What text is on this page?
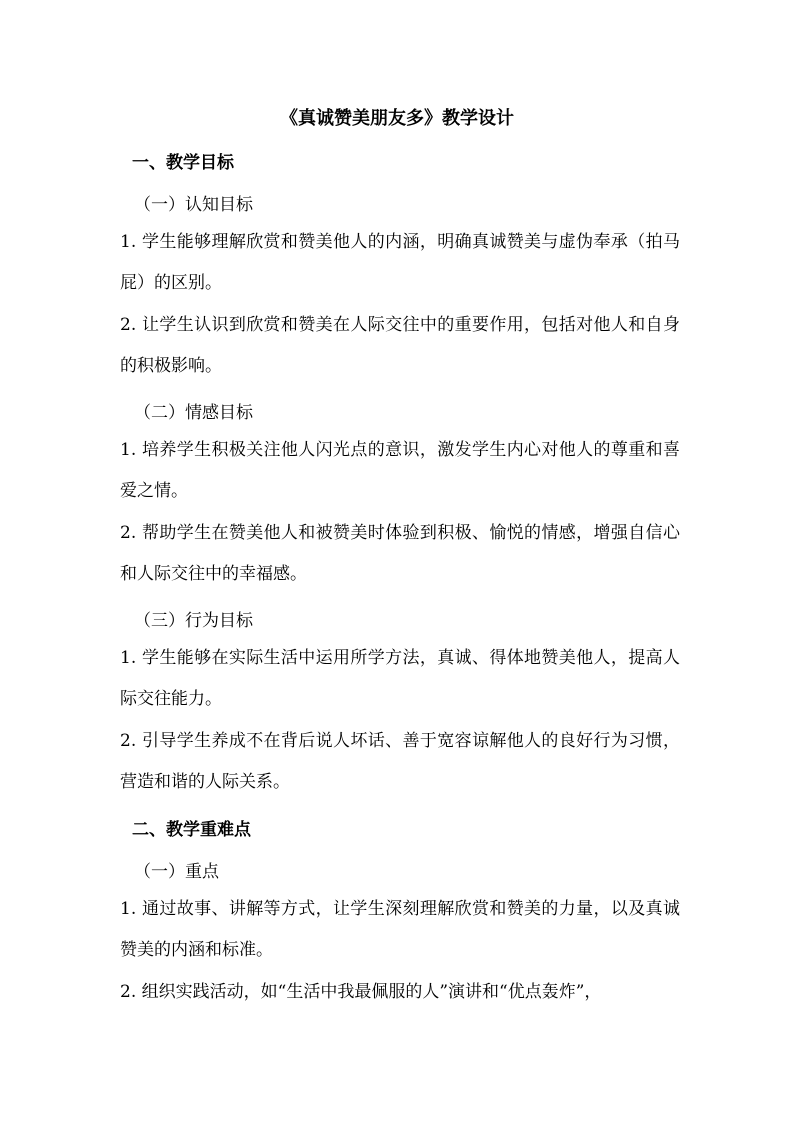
《真诚赞美朋友多》教学设计
一、教学目标
（一）认知目标
1. 学生能够理解欣赏和赞美他人的内涵，明确真诚赞美与虚伪奉承（拍马屁）的区别。
2. 让学生认识到欣赏和赞美在人际交往中的重要作用，包括对他人和自身的积极影响。
（二）情感目标
1. 培养学生积极关注他人闪光点的意识，激发学生内心对他人的尊重和喜爱之情。
2. 帮助学生在赞美他人和被赞美时体验到积极、愉悦的情感，增强自信心和人际交往中的幸福感。
（三）行为目标
1. 学生能够在实际生活中运用所学方法，真诚、得体地赞美他人，提高人际交往能力。
2. 引导学生养成不在背后说人坏话、善于宽容谅解他人的良好行为习惯，营造和谐的人际关系。
二、教学重难点
（一）重点
1. 通过故事、讲解等方式，让学生深刻理解欣赏和赞美的力量，以及真诚赞美的内涵和标准。
2. 组织实践活动，如“生活中我最佩服的人”演讲和“优点轰炸”，
